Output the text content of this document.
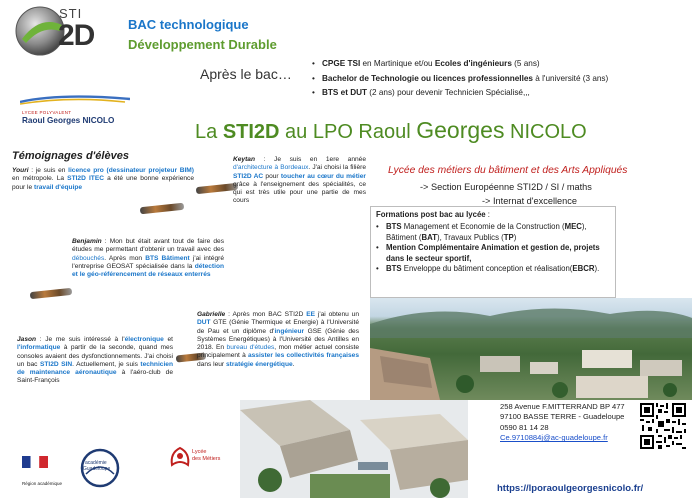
STI
2D	BAC technologique
Développement Durable
Après le bac…
• CPGE TSI en Martinique et/ou Ecoles d'ingénieurs (5 ans)
• Bachelor de Technologie ou licences professionnelles à l'université (3 ans)
• BTS et DUT (2 ans) pour devenir Technicien Spécialisé,,,
LYCEE POLYVALENT
Raoul Georges NICOLO
La STI2D au LPO Raoul Georges NICOLO
Témoignages d'élèves
Youri : je suis en licence pro (dessinateur projeteur BIM) en métropole. La STI2D ITEC a été une bonne expérience pour le travail d'équipe
Keytan : Je suis en 1ere année d'architecture à Bordeaux. J'ai choisi la filière STI2D AC pour toucher au cœur du métier grâce à l'enseignement des spécialités, ce qui est très utile pour une partie de mes cours
Lycée des métiers du bâtiment et des Arts Appliqués
-> Section Européenne STI2D / SI / maths
-> Internat d'excellence
Formations post bac au lycée :
• BTS Management et Economie de la Construction (MEC), Bâtiment (BAT), Travaux Publics (TP)
• Mention Complémentaire Animation et gestion de, projets dans le secteur sportif,
• BTS Enveloppe du bâtiment conception et réalisation(EBCR).
Benjamin : Mon but était avant tout de faire des études me permettant d'obtenir un travail avec des débouchés. Après mon BTS Bâtiment j'ai intégré l'entreprise GEOSAT spécialisée dans la détection et le géo-référencement de réseaux enterrés
Jason : Je me suis intéressé à l'électronique et l'informatique à partir de la seconde, quand mes consoles avaient des dysfonctionnements. J'ai choisi un bac STI2D SIN. Actuellement, je suis technicien de maintenance aéronautique à l'aéro-club de Saint-François
Gabrielle : Après mon BAC STI2D EE j'ai obtenu un DUT GTE (Génie Thermique et Energie) à l'Université de Pau et un diplôme d'ingénieur GSE (Génie des Systèmes Energétiques) à l'Université des Antilles en 2018. En bureau d'études, mon métier actuel consiste principalement à assister les collectivités françaises dans leur stratégie énergétique.
258 Avenue F.MITTERRAND BP 477
97100 BASSE TERRE - Guadeloupe
0590 81 14 28
Ce.9710884j@ac-guadeloupe.fr
https://lporaoulgeorgesnicolo.fr/
Région académique
académie
Guadeloupe
Lycée
des Métiers
